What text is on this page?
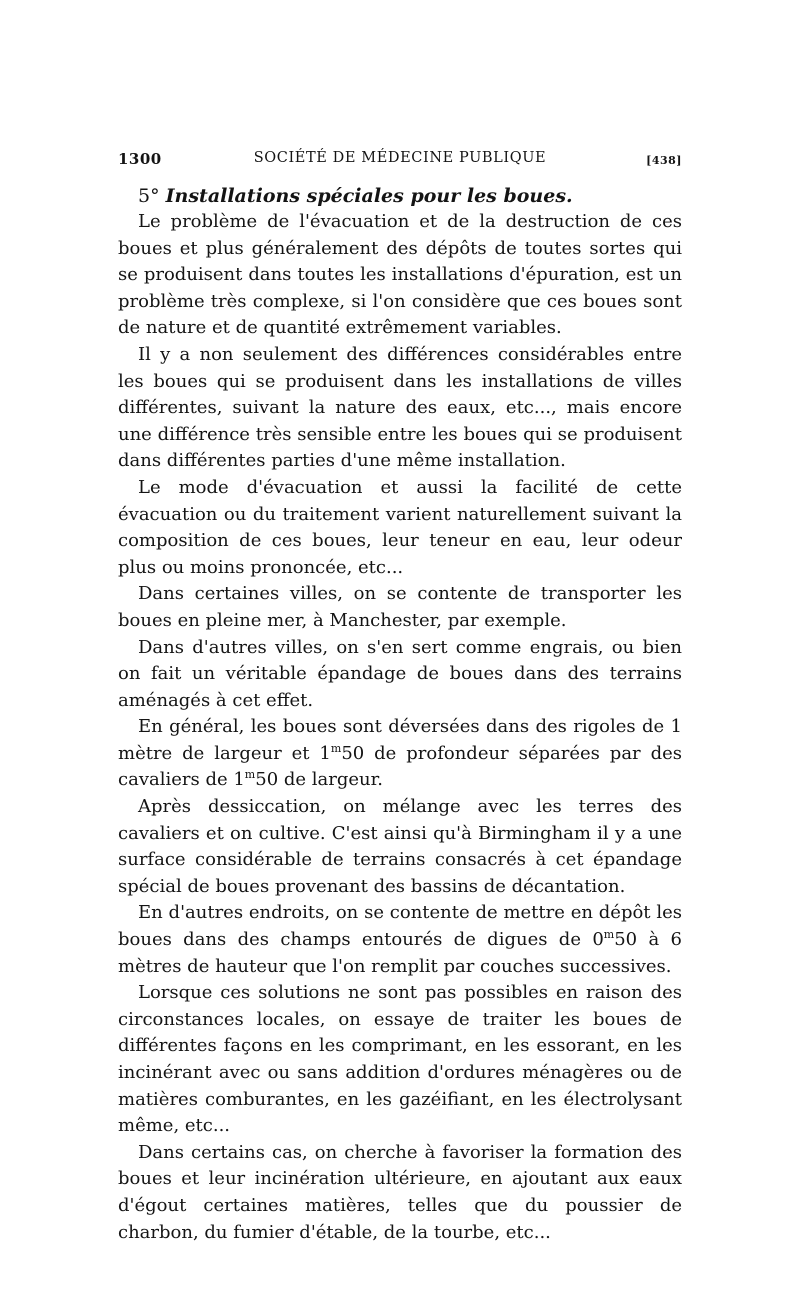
1300	SOCIÉTÉ DE MÉDECINE PUBLIQUE	[438]
5° Installations spéciales pour les boues.

Le problème de l'évacuation et de la destruction de ces boues et plus généralement des dépôts de toutes sortes qui se produisent dans toutes les installations d'épuration, est un problème très complexe, si l'on considère que ces boues sont de nature et de quantité extrêmement variables.

Il y a non seulement des différences considérables entre les boues qui se produisent dans les installations de villes différentes, suivant la nature des eaux, etc..., mais encore une différence très sensible entre les boues qui se produisent dans différentes parties d'une même installation.

Le mode d'évacuation et aussi la facilité de cette évacuation ou du traitement varient naturellement suivant la composition de ces boues, leur teneur en eau, leur odeur plus ou moins prononcée, etc...

Dans certaines villes, on se contente de transporter les boues en pleine mer, à Manchester, par exemple.

Dans d'autres villes, on s'en sert comme engrais, ou bien on fait un véritable épandage de boues dans des terrains aménagés à cet effet.

En général, les boues sont déversées dans des rigoles de 1 mètre de largeur et 1$^m$50 de profondeur séparées par des cavaliers de 1$^m$50 de largeur.

Après dessiccation, on mélange avec les terres des cavaliers et on cultive. C'est ainsi qu'à Birmingham il y a une surface considérable de terrains consacrés à cet épandage spécial de boues provenant des bassins de décantation.

En d'autres endroits, on se contente de mettre en dépôt les boues dans des champs entourés de digues de 0$^m$50 à 6 mètres de hauteur que l'on remplit par couches successives.

Lorsque ces solutions ne sont pas possibles en raison des circonstances locales, on essaye de traiter les boues de différentes façons en les comprimant, en les essorant, en les incinérant avec ou sans addition d'ordures ménagères ou de matières comburantes, en les gazéifiant, en les électrolysant même, etc...

Dans certains cas, on cherche à favoriser la formation des boues et leur incinération ultérieure, en ajoutant aux eaux d'égout certaines matières, telles que du poussier de charbon, du fumier d'étable, de la tourbe, etc...
